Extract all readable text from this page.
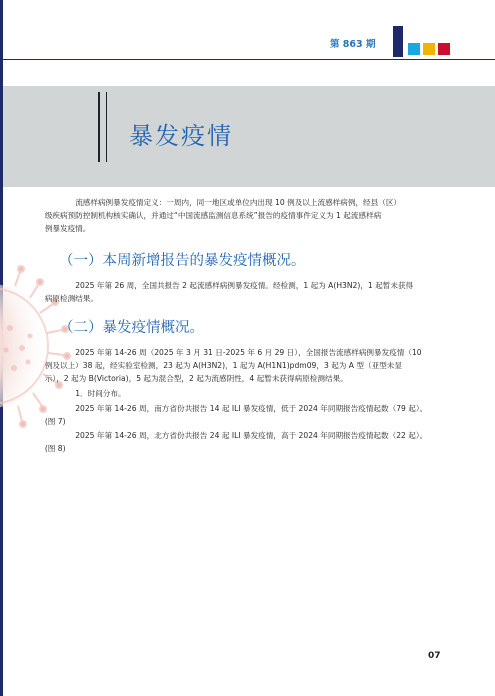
第 863 期
暴发疫情
流感样病例暴发疫情定义：一周内，同一地区或单位内出现 10 例及以上流感样病例，经县（区）
级疾病预防控制机构核实确认，并通过“中国流感监测信息系统”报告的疫情事件定义为 1 起流感样病
例暴发疫情。
（一）本周新增报告的暴发疫情概况。
2025 年第 26 周，全国共报告 2 起流感样病例暴发疫情。经检测，1 起为 A(H3N2)，1 起暂未获得
病原检测结果。
（二）暴发疫情概况。
2025 年第 14-26 周（2025 年 3 月 31 日-2025 年 6 月 29 日），全国报告流感样病例暴发疫情（10
例及以上）38 起，经实验室检测，23 起为 A(H3N2)，1 起为 A(H1N1)pdm09，3 起为 A 型（亚型未显
示），2 起为 B(Victoria)，5 起为混合型，2 起为流感阴性，4 起暂未获得病原检测结果。
1．时间分布。
2025 年第 14-26 周，南方省份共报告 14 起 ILI 暴发疫情，低于 2024 年同期报告疫情起数（79 起）。
(图 7)
2025 年第 14-26 周，北方省份共报告 24 起 ILI 暴发疫情，高于 2024 年同期报告疫情起数（22 起）。
(图 8)
07
